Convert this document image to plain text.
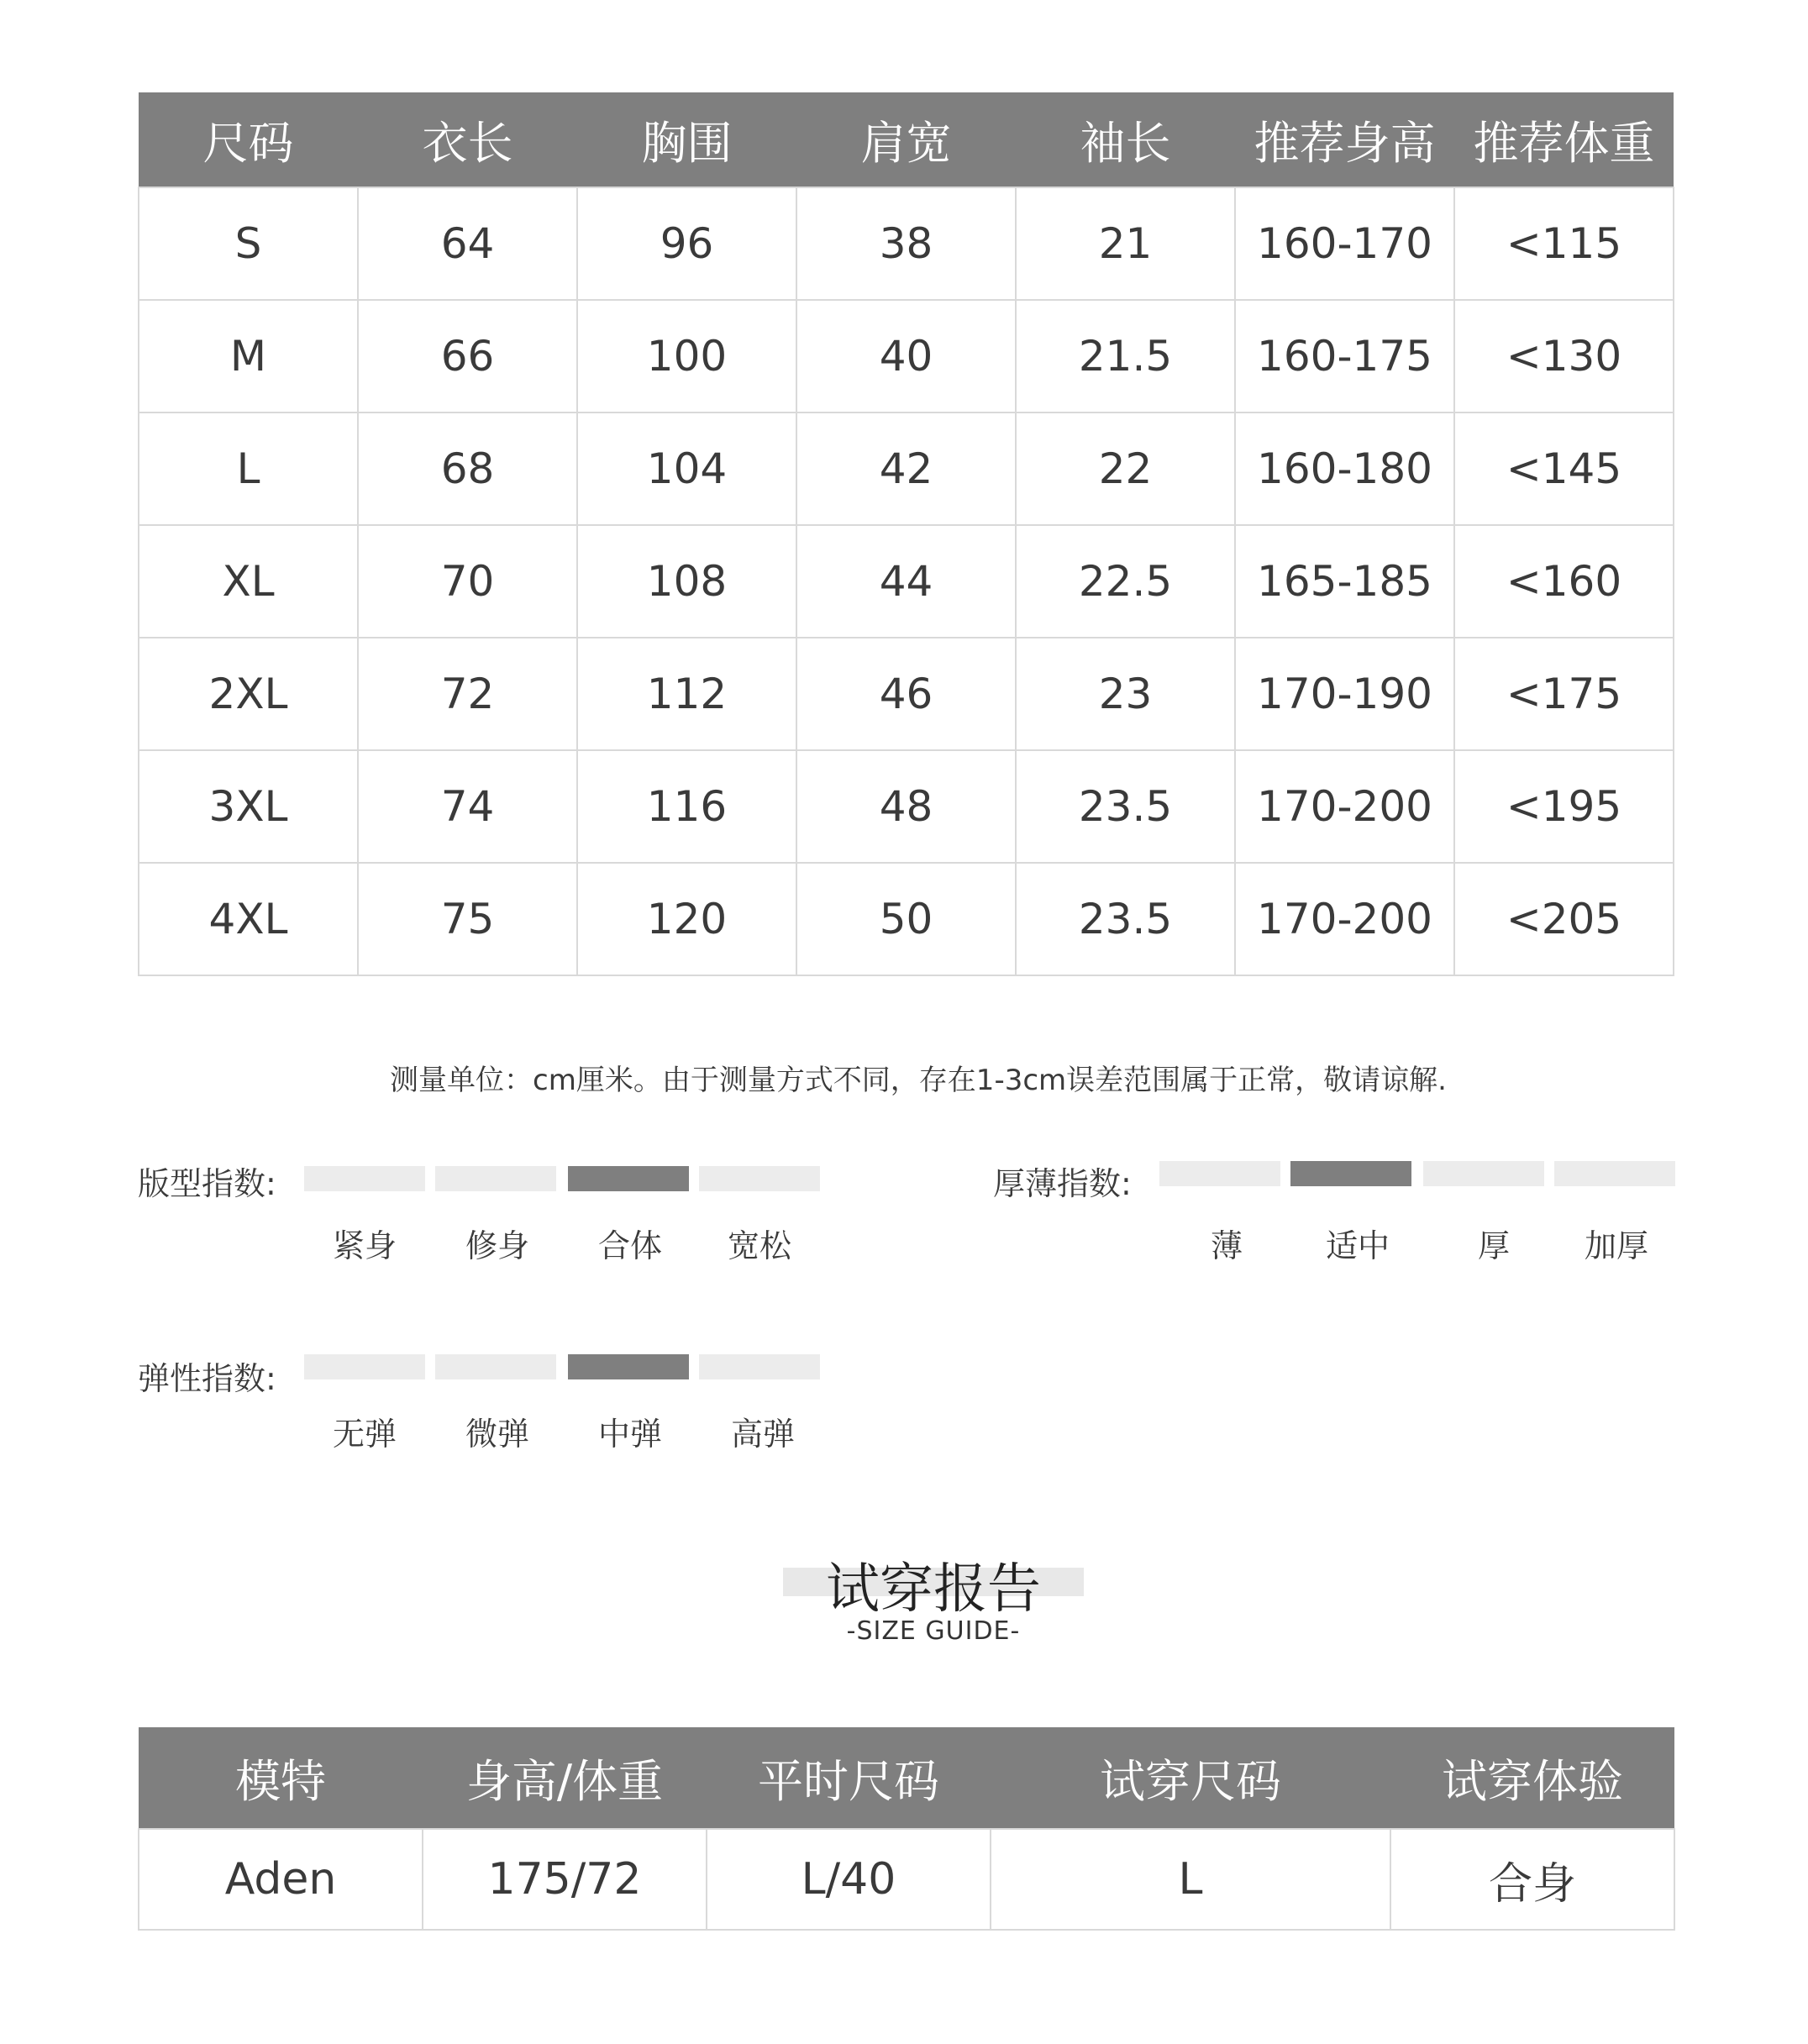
尺码	衣长	胸围	肩宽	袖长	推荐身高	推荐体重
S	64	96	38	21	160-170	<115
M	66	100	40	21.5	160-175	<130
L	68	104	42	22	160-180	<145
XL	70	108	44	22.5	165-185	<160
2XL	72	112	46	23	170-190	<175
3XL	74	116	48	23.5	170-200	<195
4XL	75	120	50	23.5	170-200	<205
测量单位：cm厘米。由于测量方式不同，存在1-3cm误差范围属于正常，敬请谅解.
版型指数:
紧身	修身	合体	宽松
厚薄指数:
薄	适中	厚	加厚
弹性指数:
无弹	微弹	中弹	高弹
试穿报告
-SIZE GUIDE-
模特	身高/体重	平时尺码	试穿尺码	试穿体验
Aden	175/72	L/40	L	合身
